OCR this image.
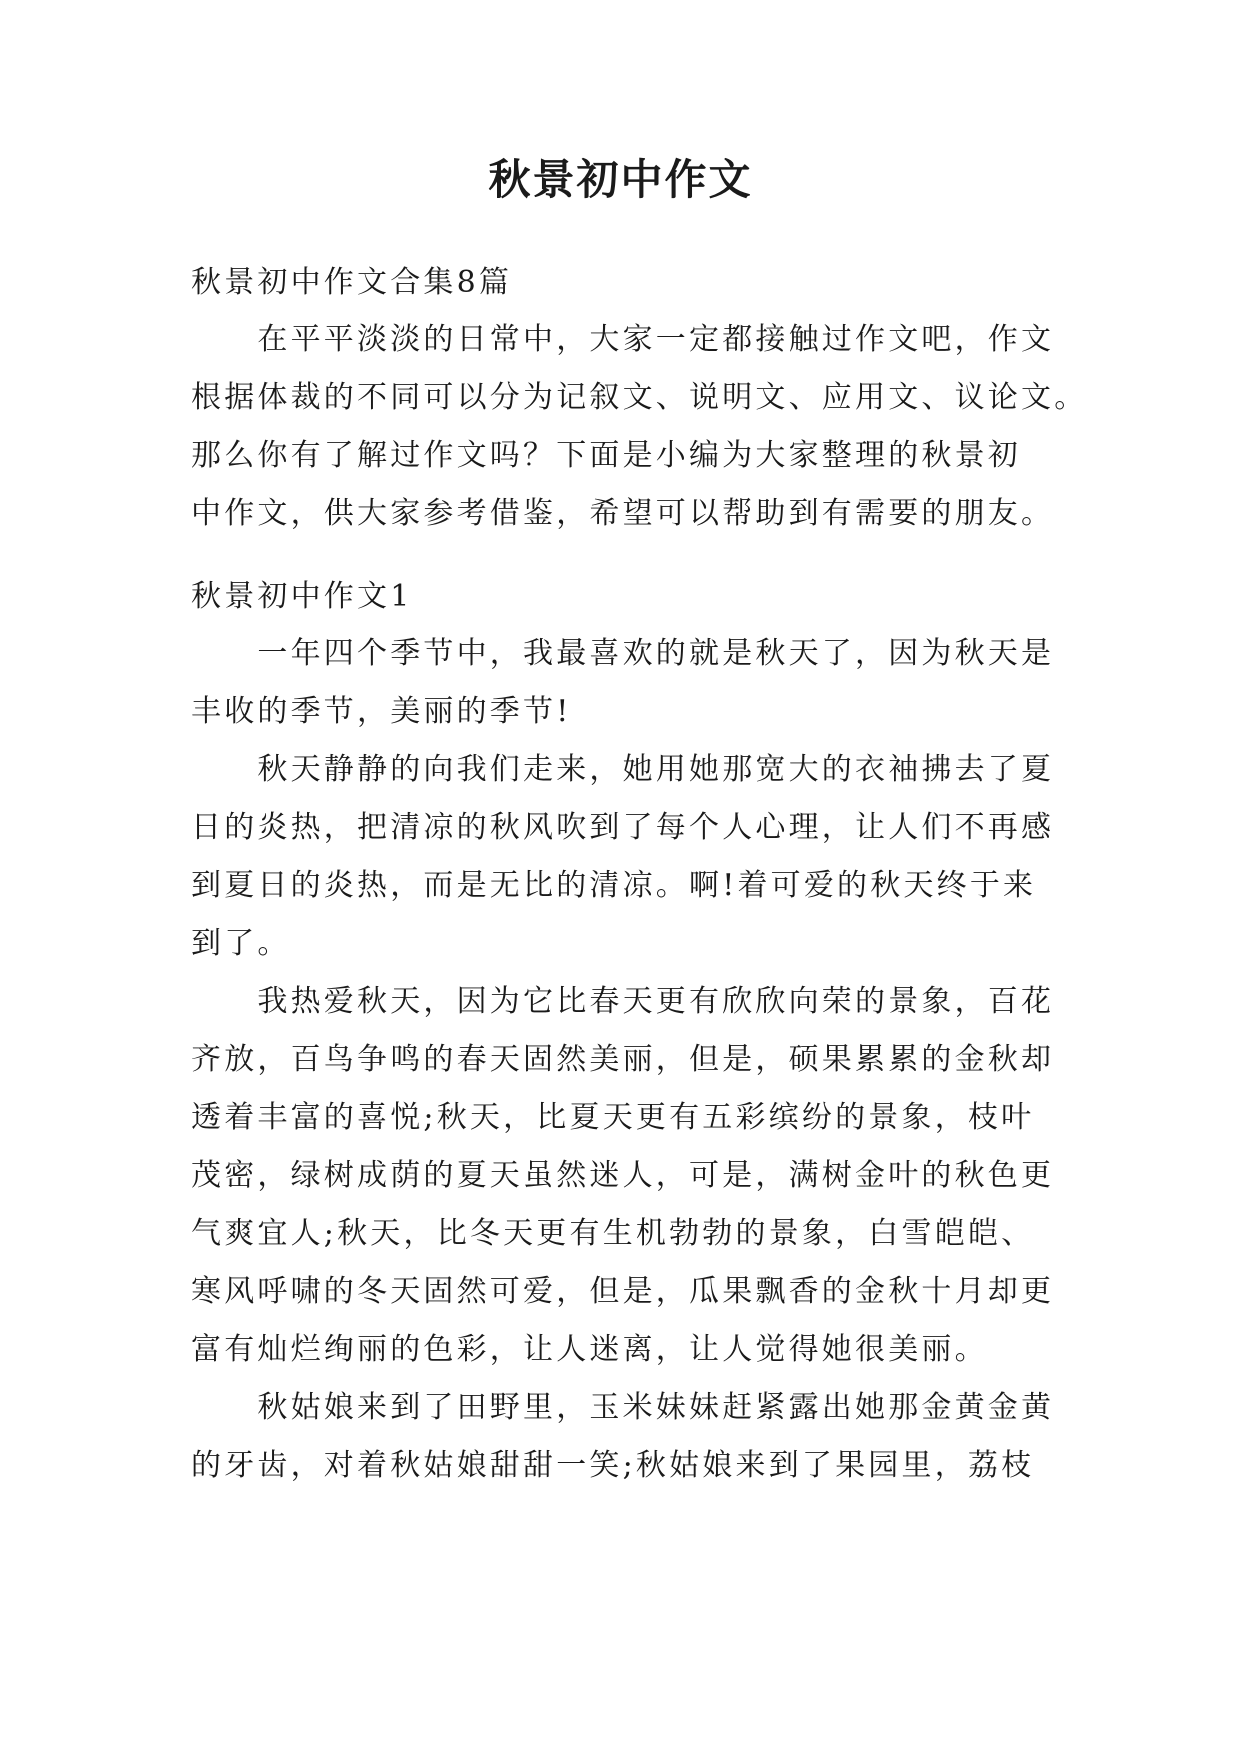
秋景初中作文
秋景初中作文合集8篇
　　在平平淡淡的日常中，大家一定都接触过作文吧，作文
根据体裁的不同可以分为记叙文、说明文、应用文、议论文。
那么你有了解过作文吗？下面是小编为大家整理的秋景初
中作文，供大家参考借鉴，希望可以帮助到有需要的朋友。
秋景初中作文1
　　一年四个季节中，我最喜欢的就是秋天了，因为秋天是
丰收的季节，美丽的季节!
　　秋天静静的向我们走来，她用她那宽大的衣袖拂去了夏
日的炎热，把清凉的秋风吹到了每个人心理，让人们不再感
到夏日的炎热，而是无比的清凉。啊!着可爱的秋天终于来
到了。
　　我热爱秋天，因为它比春天更有欣欣向荣的景象，百花
齐放，百鸟争鸣的春天固然美丽，但是，硕果累累的金秋却
透着丰富的喜悦;秋天，比夏天更有五彩缤纷的景象，枝叶
茂密，绿树成荫的夏天虽然迷人，可是，满树金叶的秋色更
气爽宜人;秋天，比冬天更有生机勃勃的景象，白雪皑皑、
寒风呼啸的冬天固然可爱，但是，瓜果飘香的金秋十月却更
富有灿烂绚丽的色彩，让人迷离，让人觉得她很美丽。
　　秋姑娘来到了田野里，玉米妹妹赶紧露出她那金黄金黄
的牙齿，对着秋姑娘甜甜一笑;秋姑娘来到了果园里，荔枝
